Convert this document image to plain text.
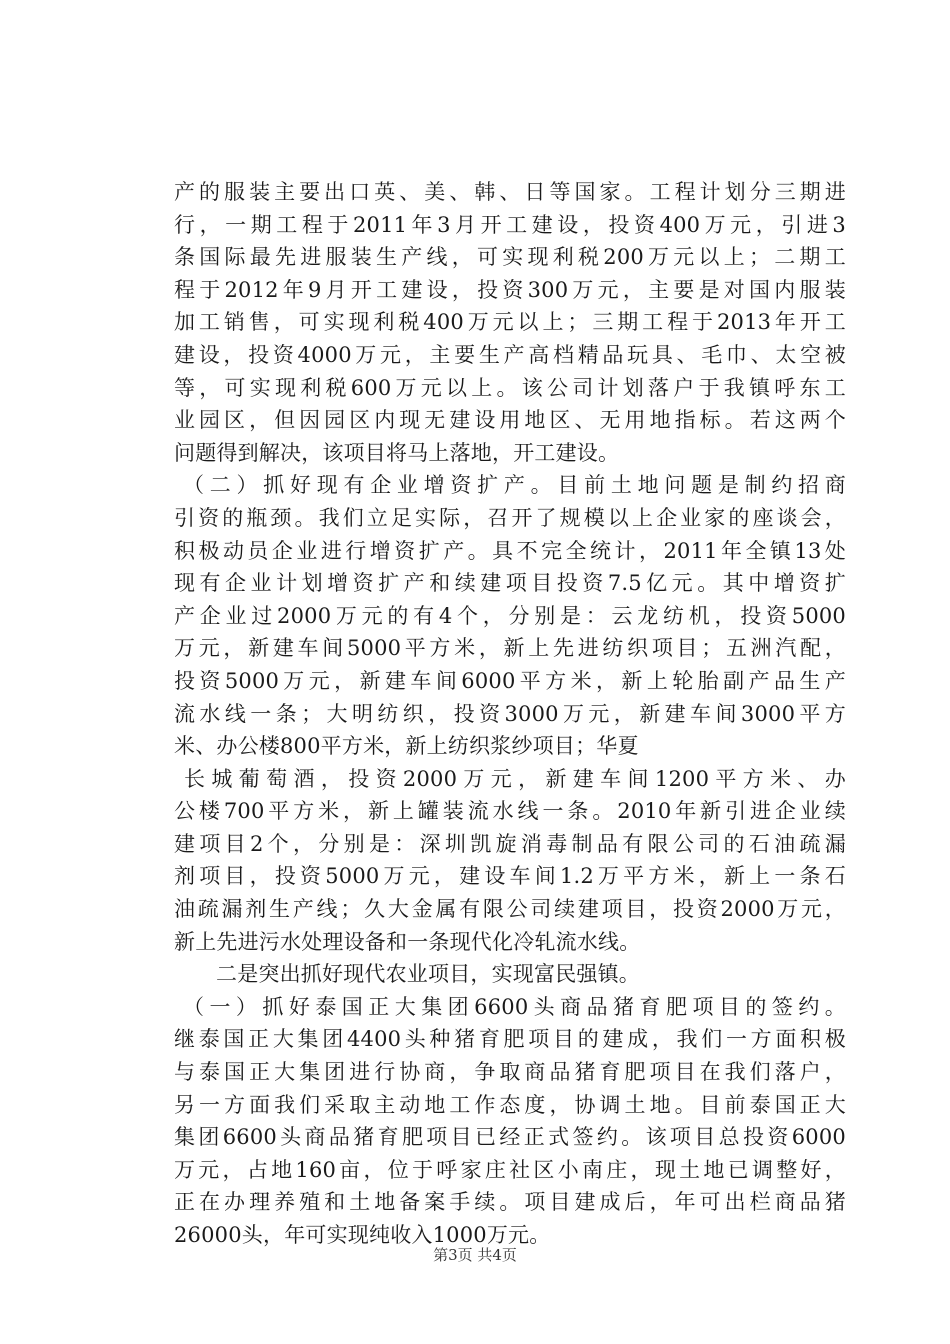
产的服装主要出口英、美、韩、日等国家。工程计划分三期进
行，一期工程于2011年3月开工建设，投资400万元，引进3
条国际最先进服装生产线，可实现利税200万元以上；二期工
程于2012年9月开工建设，投资300万元，主要是对国内服装
加工销售，可实现利税400万元以上；三期工程于2013年开工
建设，投资4000万元，主要生产高档精品玩具、毛巾、太空被
等，可实现利税600万元以上。该公司计划落户于我镇呼东工
业园区，但因园区内现无建设用地区、无用地指标。若这两个
问题得到解决，该项目将马上落地，开工建设。
（二）抓好现有企业增资扩产。目前土地问题是制约招商
引资的瓶颈。我们立足实际，召开了规模以上企业家的座谈会，
积极动员企业进行增资扩产。具不完全统计，2011年全镇13处
现有企业计划增资扩产和续建项目投资7.5亿元。其中增资扩
产企业过2000万元的有4个，分别是：云龙纺机，投资5000
万元，新建车间5000平方米，新上先进纺织项目；五洲汽配，
投资5000万元，新建车间6000平方米，新上轮胎副产品生产
流水线一条；大明纺织，投资3000万元，新建车间3000平方
米、办公楼800平方米，新上纺织浆纱项目；华夏
长城葡萄酒，投资2000万元，新建车间1200平方米、办
公楼700平方米，新上罐装流水线一条。2010年新引进企业续
建项目2个，分别是：深圳凯旋消毒制品有限公司的石油疏漏
剂项目，投资5000万元，建设车间1.2万平方米，新上一条石
油疏漏剂生产线；久大金属有限公司续建项目，投资2000万元，
新上先进污水处理设备和一条现代化冷轧流水线。
二是突出抓好现代农业项目，实现富民强镇。
（一）抓好泰国正大集团6600头商品猪育肥项目的签约。
继泰国正大集团4400头种猪育肥项目的建成，我们一方面积极
与泰国正大集团进行协商，争取商品猪育肥项目在我们落户，
另一方面我们采取主动地工作态度，协调土地。目前泰国正大
集团6600头商品猪育肥项目已经正式签约。该项目总投资6000
万元，占地160亩，位于呼家庄社区小南庄，现土地已调整好，
正在办理养殖和土地备案手续。项目建成后，年可出栏商品猪
26000头，年可实现纯收入1000万元。
第3页 共4页
